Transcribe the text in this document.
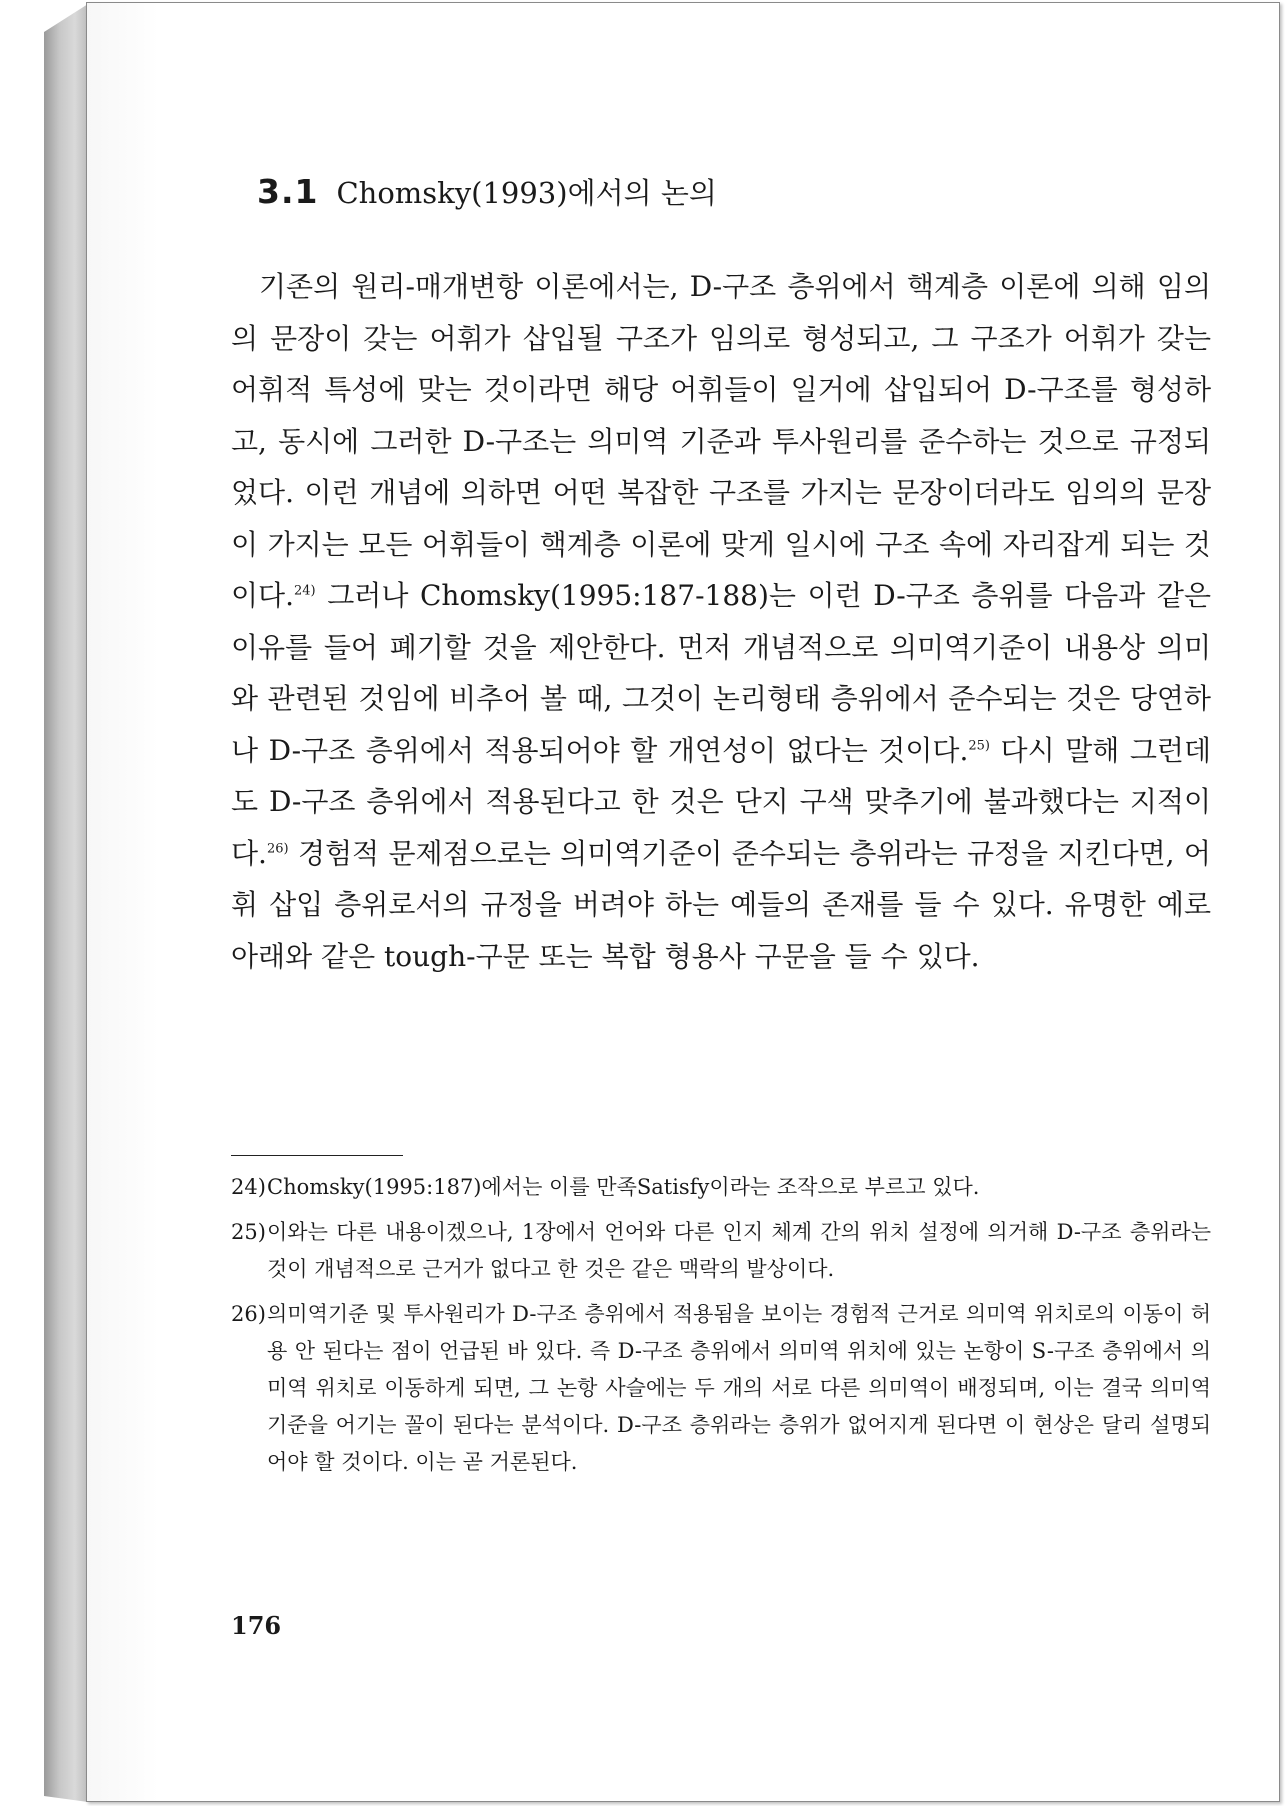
3.1 Chomsky(1993)에서의 논의

기존의 원리-매개변항 이론에서는, D-구조 층위에서 핵계층 이론에 의해 임의의 문장이 갖는 어휘가 삽입될 구조가 임의로 형성되고, 그 구조가 어휘가 갖는 어휘적 특성에 맞는 것이라면 해당 어휘들이 일거에 삽입되어 D-구조를 형성하고, 동시에 그러한 D-구조는 의미역 기준과 투사원리를 준수하는 것으로 규정되었다. 이런 개념에 의하면 어떤 복잡한 구조를 가지는 문장이더라도 임의의 문장이 가지는 모든 어휘들이 핵계층 이론에 맞게 일시에 구조 속에 자리잡게 되는 것이다.$^{24)}$ 그러나 Chomsky(1995:187-188)는 이런 D-구조 층위를 다음과 같은 이유를 들어 폐기할 것을 제안한다. 먼저 개념적으로 의미역기준이 내용상 의미와 관련된 것임에 비추어 볼 때, 그것이 논리형태 층위에서 준수되는 것은 당연하나 D-구조 층위에서 적용되어야 할 개연성이 없다는 것이다.$^{25)}$ 다시 말해 그런데도 D-구조 층위에서 적용된다고 한 것은 단지 구색 맞추기에 불과했다는 지적이다.$^{26)}$ 경험적 문제점으로는 의미역기준이 준수되는 층위라는 규정을 지킨다면, 어휘 삽입 층위로서의 규정을 버려야 하는 예들의 존재를 들 수 있다. 유명한 예로 아래와 같은 tough-구문 또는 복합 형용사 구문을 들 수 있다.

24) Chomsky(1995:187)에서는 이를 만족Satisfy이라는 조작으로 부르고 있다.
25) 이와는 다른 내용이겠으나, 1장에서 언어와 다른 인지 체계 간의 위치 설정에 의거해 D-구조 층위라는 것이 개념적으로 근거가 없다고 한 것은 같은 맥락의 발상이다.
26) 의미역기준 및 투사원리가 D-구조 층위에서 적용됨을 보이는 경험적 근거로 의미역 위치로의 이동이 허용 안 된다는 점이 언급된 바 있다. 즉 D-구조 층위에서 의미역 위치에 있는 논항이 S-구조 층위에서 의미역 위치로 이동하게 되면, 그 논항 사슬에는 두 개의 서로 다른 의미역이 배정되며, 이는 결국 의미역기준을 어기는 꼴이 된다는 분석이다. D-구조 층위라는 층위가 없어지게 된다면 이 현상은 달리 설명되어야 할 것이다. 이는 곧 거론된다.
176
